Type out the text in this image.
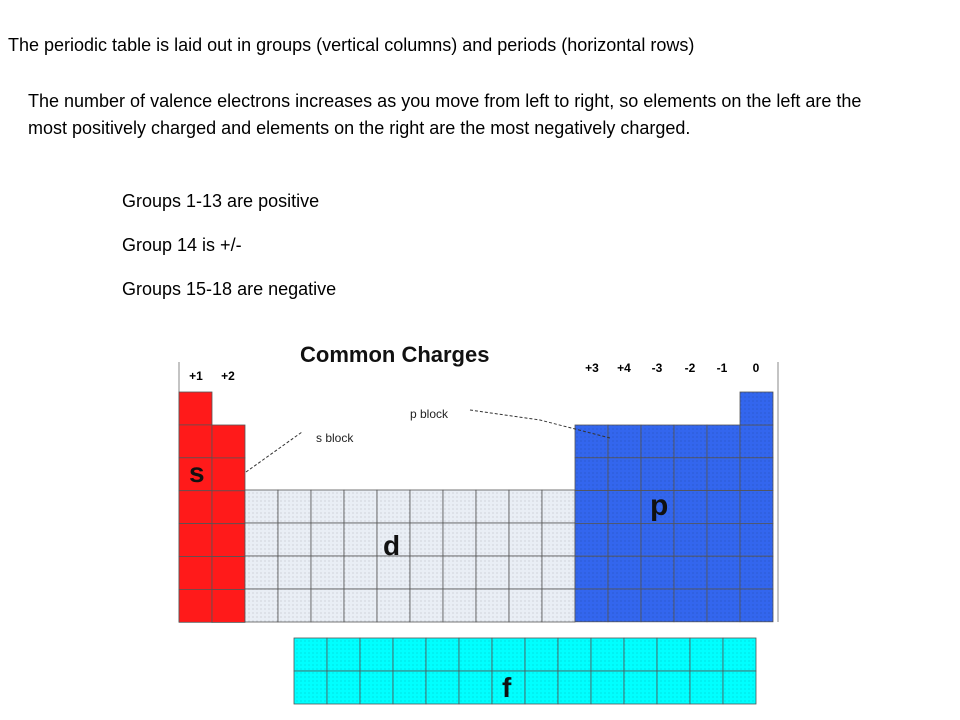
The periodic table is laid out in groups (vertical columns) and periods (horizontal rows)
The number of valence electrons increases as you move from left to right, so elements on the left are the most positively charged and elements on the right are the most negatively charged.
Groups 1-13 are positive
Group 14 is +/-
Groups 15-18 are negative
Common Charges
+1 +2
+3 +4 -3 -2 -1 0
s block
p block
s
d
p
f
